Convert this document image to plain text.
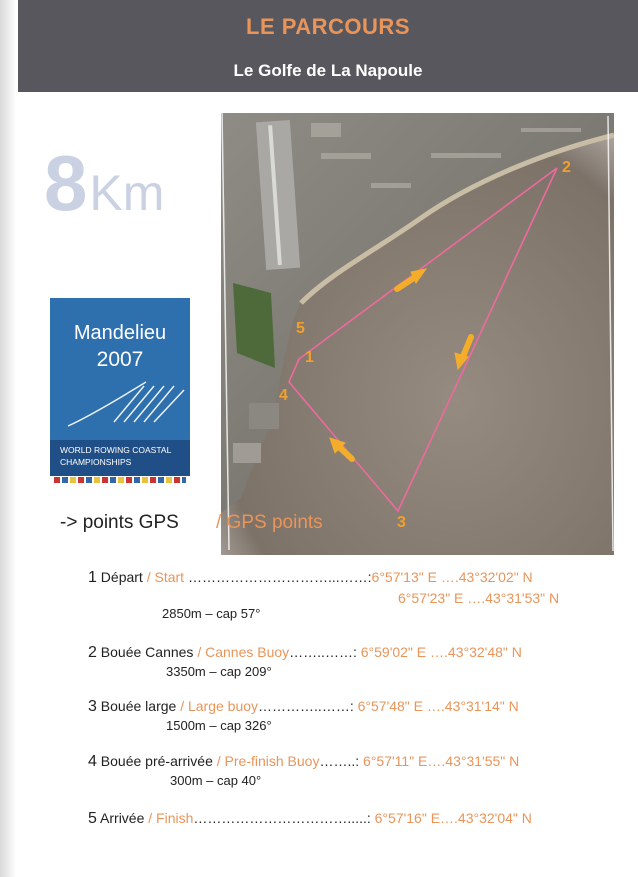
LE PARCOURS
Le Golfe de La Napoule
8Km
Mandelieu
2007
WORLD ROWING COASTAL
CHAMPIONSHIPS
2
3
1
5
4
-> points GPS / GPS points
1 Départ / Start …………………………...……:6°57'13" E ….43°32'02" N
6°57'23" E ….43°31'53" N
2850m – cap 57°
2 Bouée Cannes / Cannes Buoy……..……: 6°59'02" E ….43°32'48" N
3350m – cap 209°
3 Bouée large / Large buoy…………..……: 6°57'48" E ….43°31'14" N
1500m – cap 326°
4 Bouée pré-arrivée / Pre-finish Buoy……..: 6°57'11" E….43°31'55" N
300m – cap 40°
5 Arrivée / Finish…………………………….....: 6°57'16" E….43°32'04" N
